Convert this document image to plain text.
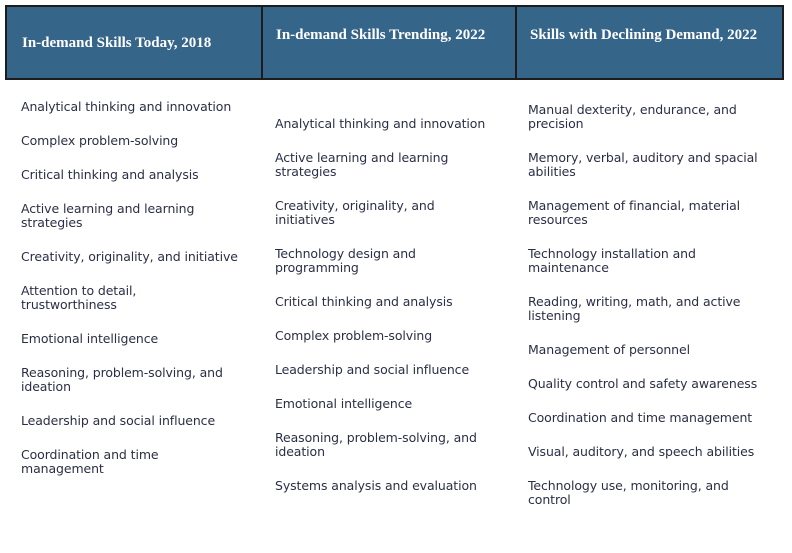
In-demand Skills Today, 2018	In-demand Skills Trending, 2022	Skills with Declining Demand, 2022
Analytical thinking and innovation
Complex problem-solving
Critical thinking and analysis
Active learning and learning strategies
Creativity, originality, and initiative
Attention to detail, trustworthiness
Emotional intelligence
Reasoning, problem-solving, and ideation
Leadership and social influence
Coordination and time management
Analytical thinking and innovation
Active learning and learning strategies
Creativity, originality, and initiatives
Technology design and programming
Critical thinking and analysis
Complex problem-solving
Leadership and social influence
Emotional intelligence
Reasoning, problem-solving, and ideation
Systems analysis and evaluation
Manual dexterity, endurance, and precision
Memory, verbal, auditory and spacial abilities
Management of financial, material resources
Technology installation and maintenance
Reading, writing, math, and active listening
Management of personnel
Quality control and safety awareness
Coordination and time management
Visual, auditory, and speech abilities
Technology use, monitoring, and control
